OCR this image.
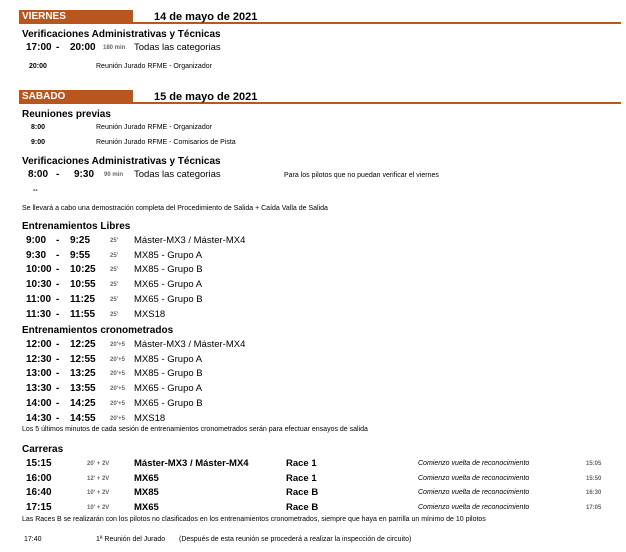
VIERNES	14 de mayo de 2021
Verificaciones Administrativas y Técnicas
17:00 - 20:00 180 min Todas las categorias
20:00	Reunión Jurado RFME - Organizador
SABADO	15 de mayo de 2021
Reuniones previas
8:00	Reunión Jurado RFME - Organizador
9:00	Reunión Jurado RFME - Comisarios de Pista
Verificaciones Administrativas y Técnicas
8:00 - 9:30 90 min Todas las categorias	Para los pilotos que no puedan verificar el viernes
--
Se llevará a cabo una demostración completa del Procedimiento de Salida + Caída Valla de Salida
Entrenamientos Libres
9:00 - 9:25	25' Máster-MX3 / Máster-MX4
9:30 - 9:55	25' MX85 - Grupo A
10:00 - 10:25 25' MX85 - Grupo B
10:30 - 10:55 25' MX65 - Grupo A
11:00 - 11:25 25' MX65 - Grupo B
11:30 - 11:55 25' MXS18
Entrenamientos cronometrados
12:00 - 12:25 20'+5 Máster-MX3 / Máster-MX4
12:30 - 12:55 20'+5 MX85 - Grupo A
13:00 - 13:25 20'+5 MX85 - Grupo B
13:30 - 13:55 20'+5 MX65 - Grupo A
14:00 - 14:25 20'+5 MX65 - Grupo B
14:30 - 14:55 20'+5 MXS18
Los 5 últimos minutos de cada sesión de entrenamientos cronometrados serán para efectuar ensayos de salida
Carreras
15:15	20' + 2V	Máster-MX3 / Máster-MX4	Race 1	Comienzo vuelta de reconocimiento	15:05
16:00	12' + 2V	MX65	Race 1	Comienzo vuelta de reconocimiento	15:50
16:40	10' + 2V	MX85	Race B	Comienzo vuelta de reconocimiento	16:30
17:15	10' + 2V	MX65	Race B	Comienzo vuelta de reconocimiento	17:05
Las Races B se realizarán con los pilotos no clasificados en los entrenamientos cronometrados, siempre que haya en parrilla un mínimo de 10 pilotos
17:40	1ª Reunión del Jurado (Después de esta reunión se procederá a realizar la inspección de circuito)
